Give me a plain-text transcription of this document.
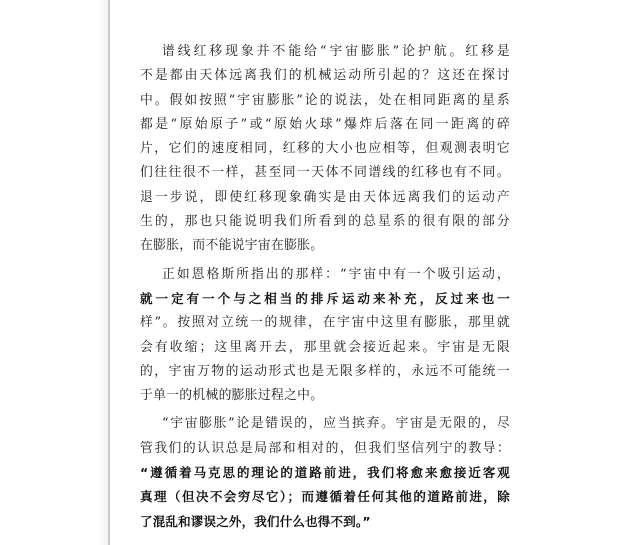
谱线红移现象并不能给“宇宙膨胀”论护航。红移是
不是都由天体远离我们的机械运动所引起的？这还在探讨
中。假如按照“宇宙膨胀”论的说法，处在相同距离的星系
都是“原始原子”或“原始火球”爆炸后落在同一距离的碎
片，它们的速度相同，红移的大小也应相等，但观测表明它
们往往很不一样，甚至同一天体不同谱线的红移也有不同。
退一步说，即使红移现象确实是由天体远离我们的运动产
生的，那也只能说明我们所看到的总星系的很有限的部分
在膨胀，而不能说宇宙在膨胀。
正如恩格斯所指出的那样：“宇宙中有一个吸引运动，
就一定有一个与之相当的排斥运动来补充，反过来也一
样”。按照对立统一的规律，在宇宙中这里有膨胀，那里就
会有收缩；这里离开去，那里就会接近起来。宇宙是无限
的，宇宙万物的运动形式也是无限多样的，永远不可能统一
于单一的机械的膨胀过程之中。
“宇宙膨胀”论是错误的，应当摈弃。宇宙是无限的，尽
管我们的认识总是局部和相对的，但我们坚信列宁的教导：
“遵循着马克思的理论的道路前进，我们将愈来愈接近客观
真理（但决不会穷尽它）；而遵循着任何其他的道路前进，除
了混乱和谬误之外，我们什么也得不到。”
